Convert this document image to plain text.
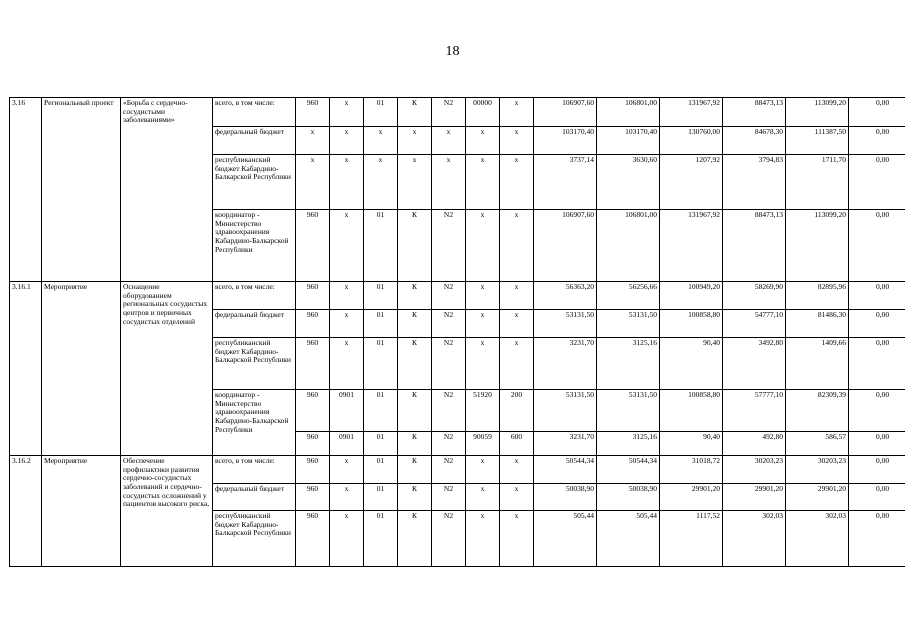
18
3.16	Региональный проект	«Борьба с сердечно-сосудистыми заболеваниями»	всего, в том числе:	960	x	01	К	N2	00000	x	106907,60	106801,00	131967,92	88473,13	113099,20	0,00
			федеральный бюджет	x	x	x	x	x	x	x	103170,40	103170,40	130760,00	84678,30	111387,50	0,00
			республиканский бюджет Кабардино-Балкарской Республики	x	x	x	x	x	x	x	3737,14	3630,60	1207,92	3794,83	1711,70	0,00
			координатор - Министерство здравоохранения Кабардино-Балкарской Республики	960	x	01	К	N2	x	x	106907,60	106801,00	131967,92	88473,13	113099,20	0,00
3.16.1	Мероприятие	Оснащение оборудованием региональных сосудистых центров и первичных сосудистых отделений	всего, в том числе:	960	x	01	К	N2	x	x	56363,20	56256,66	100949,20	58269,90	82895,96	0,00
			федеральный бюджет	960	x	01	К	N2	x	x	53131,50	53131,50	100858,80	54777,10	81486,30	0,00
			республиканский бюджет Кабардино-Балкарской Республики	960	x	01	К	N2	x	x	3231,70	3125,16	90,40	3492,80	1409,66	0,00
			координатор - Министерство здравоохранения Кабардино-Балкарской Республики	960	0901	01	К	N2	51920	200	53131,50	53131,50	100858,80	57777,10	82309,39	0,00
				960	0901	01	К	N2	90059	600	3231,70	3125,16	90,40	492,80	586,57	0,00
3.16.2	Мероприятие	Обеспечение профилактики развития сердечно-сосудистых заболеваний и сердечно-сосудистых осложнений у пациентов высокого риска,	всего, в том числе:	960	x	01	К	N2	x	x	50544,34	50544,34	31018,72	30203,23	30203,23	0,00
			федеральный бюджет	960	x	01	К	N2	x	x	50038,90	50038,90	29901,20	29901,20	29901,20	0,00
			республиканский бюджет Кабардино-Балкарской Республики	960	x	01	К	N2	x	x	505,44	505,44	1117,52	302,03	302,03	0,00
